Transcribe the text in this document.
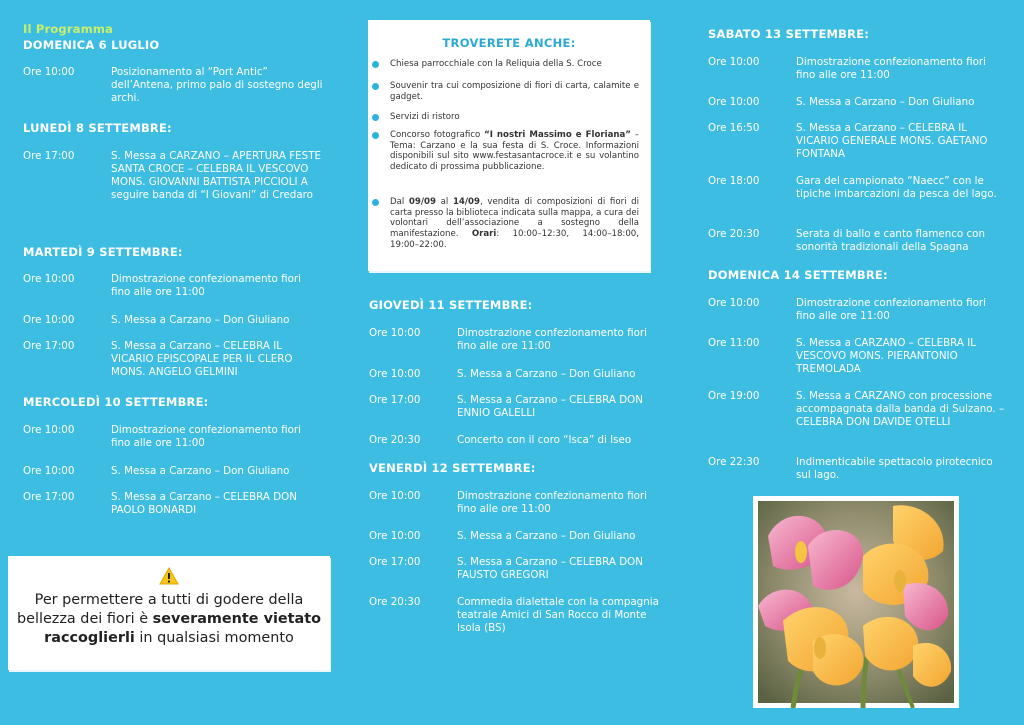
DOMENICA 6 LUGLIO
Ore 10:00	Posizionamento al “Port Antic” dell’Antena, primo palo di sostegno degli archi.
LUNEDÌ 8 SETTEMBRE:
Ore 17:00	S. Messa a CARZANO – APERTURA FESTE SANTA CROCE – CELEBRA IL VESCOVO MONS. GIOVANNI BATTISTA PICCIOLI A seguire banda di “I Giovani” di Credaro
MARTEDÌ 9 SETTEMBRE:
Ore 10:00	Dimostrazione confezionamento fiori fino alle ore 11:00
Ore 10:00	S. Messa a Carzano – Don Giuliano
Ore 17:00	S. Messa a Carzano – CELEBRA IL VICARIO EPISCOPALE PER IL CLERO MONS. ANGELO GELMINI
MERCOLEDÌ 10 SETTEMBRE:
Ore 10:00	Dimostrazione confezionamento fiori fino alle ore 11:00
Ore 10:00	S. Messa a Carzano – Don Giuliano
Ore 17:00	S. Messa a Carzano – CELEBRA DON PAOLO BONARDI
GIOVEDÌ 11 SETTEMBRE:
Ore 10:00	Dimostrazione confezionamento fiori fino alle ore 11:00
Ore 10:00	S. Messa a Carzano – Don Giuliano
Ore 17:00	S. Messa a Carzano – CELEBRA DON ENNIO GALELLI
Ore 20:30	Concerto con il coro “Isca” di Iseo
VENERDÌ 12 SETTEMBRE:
Ore 10:00	Dimostrazione confezionamento fiori fino alle ore 11:00
Ore 10:00	S. Messa a Carzano – Don Giuliano
Ore 17:00	S. Messa a Carzano – CELEBRA DON FAUSTO GREGORI
Ore 20:30	Commedia dialettale con la compagnia teatrale Amici di San Rocco di Monte Isola (BS)
SABATO 13 SETTEMBRE:
Ore 10:00	Dimostrazione confezionamento fiori fino alle ore 11:00
Ore 10:00	S. Messa a Carzano – Don Giuliano
Ore 16:50	S. Messa a Carzano – CELEBRA IL VICARIO GENERALE MONS. GAETANO FONTANA
Ore 18:00	Gara del campionato “Naecc” con le tipiche imbarcazioni da pesca del lago.
Ore 20:30	Serata di ballo e canto flamenco con sonorità tradizionali della Spagna
DOMENICA 14 SETTEMBRE:
Ore 10:00	Dimostrazione confezionamento fiori fino alle ore 11:00
Ore 11:00	S. Messa a CARZANO – CELEBRA IL VESCOVO MONS. PIERANTONIO TREMOLADA
Ore 19:00	S. Messa a CARZANO con processione accompagnata dalla banda di Sulzano. – CELEBRA DON DAVIDE OTELLI
Ore 22:30	Indimenticabile spettacolo pirotecnico sul lago.
Il Programma
TROVERETE ANCHE:
Chiesa parrocchiale con la Reliquia della S. Croce
Souvenir tra cui composizione di fiori di carta, calamite e gadget.
Servizi di ristoro
Concorso fotografico “I nostri Massimo e Floriana” – Tema: Carzano e la sua festa di S. Croce. Informazioni disponibili sul sito www.festasantacroce.it e su volantino dedicato di prossima pubblicazione.
Dal 09/09 al 14/09, vendita di composizioni di fiori di carta presso la biblioteca indicata sulla mappa, a cura dei volontari dell’associazione a sostegno della manifestazione. Orari: 10:00–12:30, 14:00–18:00, 19:00–22:00.
Per permettere a tutti di godere della bellezza dei fiori è severamente vietato raccoglierli in qualsiasi momento
